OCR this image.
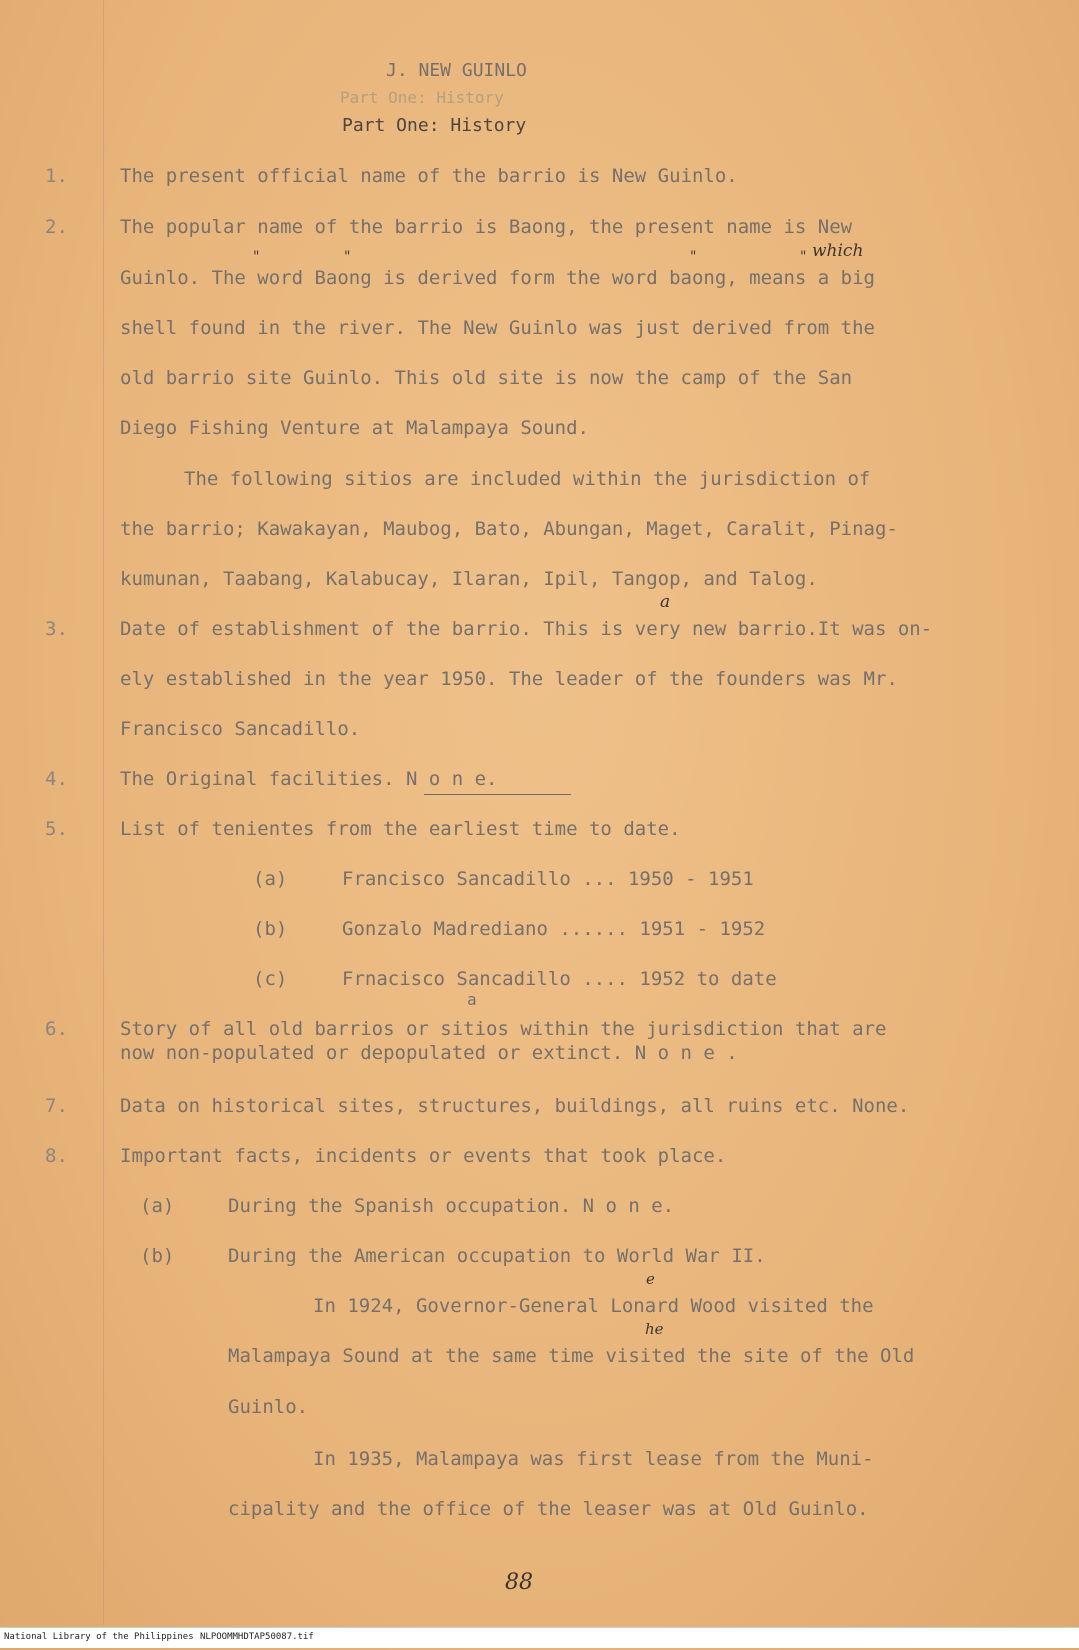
J. NEW GUINLO
Part One: History
Part One: History
1.	The present official name of the barrio is New Guinlo.
2.	The popular name of the barrio is Baong, the present name is New
"	"	"	" which
Guinlo. The word Baong is derived form the word baong, means a big
shell found in the river. The New Guinlo was just derived from the
old barrio site Guinlo. This old site is now the camp of the San
Diego Fishing Venture at Malampaya Sound.
The following sitios are included within the jurisdiction of
the barrio; Kawakayan, Maubog, Bato, Abungan, Maget, Caralit, Pinag-
kumunan, Taabang, Kalabucay, Ilaran, Ipil, Tangop, and Talog.
a
3.	Date of establishment of the barrio. This is very new barrio.It was on-
ely established in the year 1950. The leader of the founders was Mr.
Francisco Sancadillo.
4.	The Original facilities. N o n e.
5.	List of tenientes from the earliest time to date.
(a)	Francisco Sancadillo ... 1950 - 1951
(b)	Gonzalo Madrediano ...... 1951 - 1952
(c)	Frnacisco Sancadillo .... 1952 to date
a
6.	Story of all old barrios or sitios within the jurisdiction that are
now non-populated or depopulated or extinct. N o n e .
7.	Data on historical sites, structures, buildings, all ruins etc. None.
8.	Important facts, incidents or events that took place.
(a)	During the Spanish occupation. N o n e.
(b)	During the American occupation to World War II.
e
In 1924, Governor-General Lonard Wood visited the
he
Malampaya Sound at the same time visited the site of the Old
Guinlo.
In 1935, Malampaya was first lease from the Muni-
cipality and the office of the leaser was at Old Guinlo.
88
National Library of the Philippines NLPOOMMHDTAP50087.tif
